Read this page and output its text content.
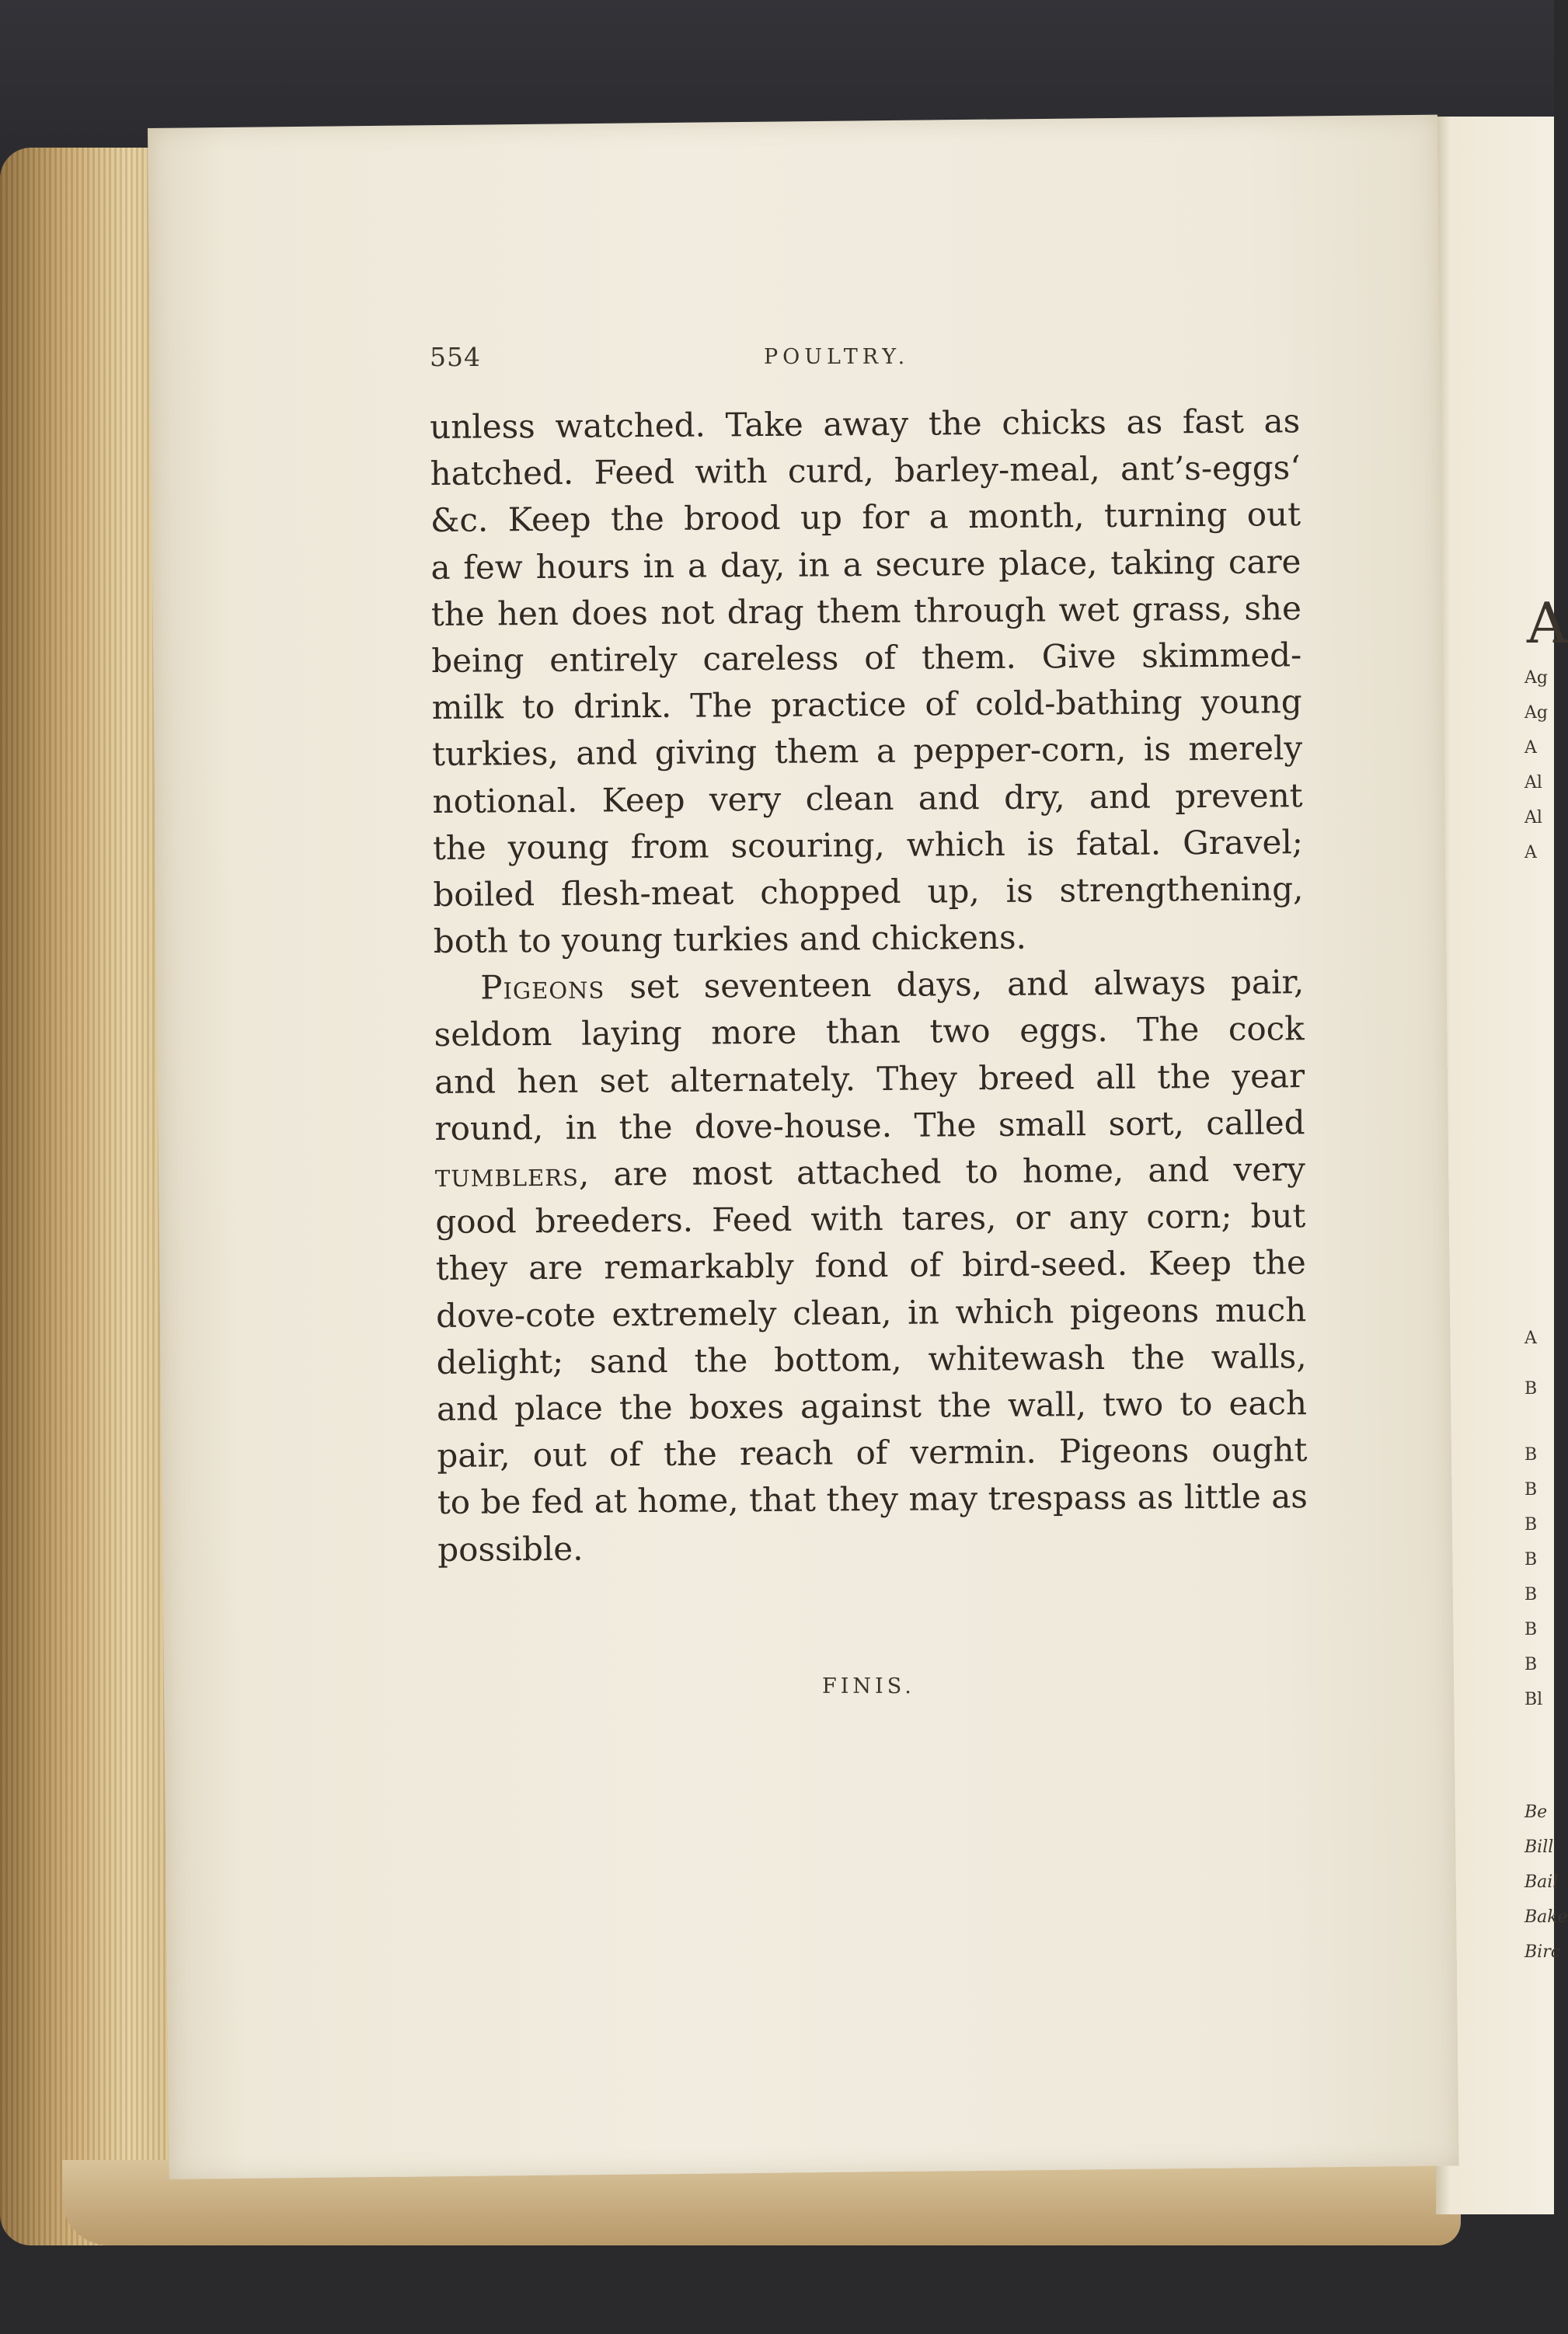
554	POULTRY.
unless watched. Take away the chicks as fast as
hatched. Feed with curd, barley-meal, ant’s-eggs‘
&c. Keep the brood up for a month, turning out
a few hours in a day, in a secure place, taking care
the hen does not drag them through wet grass, she
being entirely careless of them. Give skimmed-
milk to drink. The practice of cold-bathing young
turkies, and giving them a pepper-corn, is merely
notional. Keep very clean and dry, and prevent
the young from scouring, which is fatal. Gravel;
boiled flesh-meat chopped up, is strengthening,
both to young turkies and chickens.
Pigeons set seventeen days, and always pair,
seldom laying more than two eggs. The cock
and hen set alternately. They breed all the year
round, in the dove-house. The small sort, called
tumblers, are most attached to home, and very
good breeders. Feed with tares, or any corn; but
they are remarkably fond of bird-seed. Keep the
dove-cote extremely clean, in which pigeons much
delight; sand the bottom, whitewash the walls,
and place the boxes against the wall, two to each
pair, out of the reach of vermin. Pigeons ought
to be fed at home, that they may trespass as little as
possible.
FINIS.
A
Ag
Ag
A
Al
Al
A
A
B
B
B
B
B
B
B
B
Bl
Be
Bill
Bail
Bake
Birc
